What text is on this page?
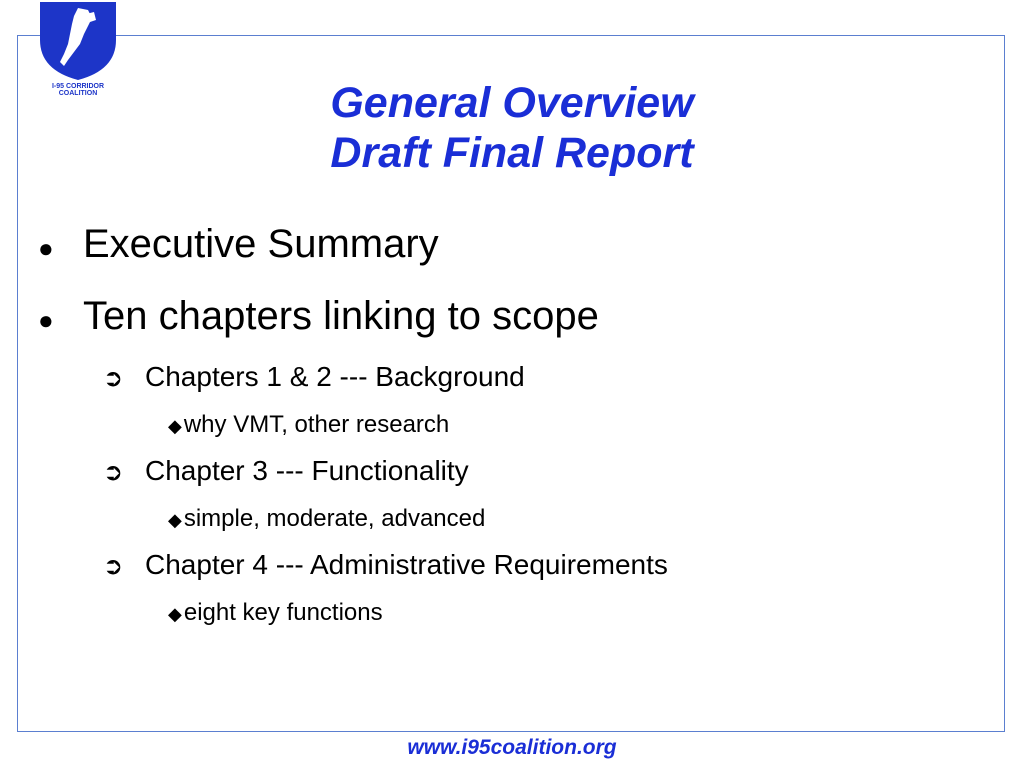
I-95 CORRIDOR
COALITION	General Overview
Draft Final Report
● Executive Summary
● Ten chapters linking to scope
➲ Chapters 1 & 2 --- Background
◆ why VMT, other research
➲ Chapter 3 --- Functionality
◆ simple, moderate, advanced
➲ Chapter 4 --- Administrative Requirements
◆ eight key functions
www.i95coalition.org
